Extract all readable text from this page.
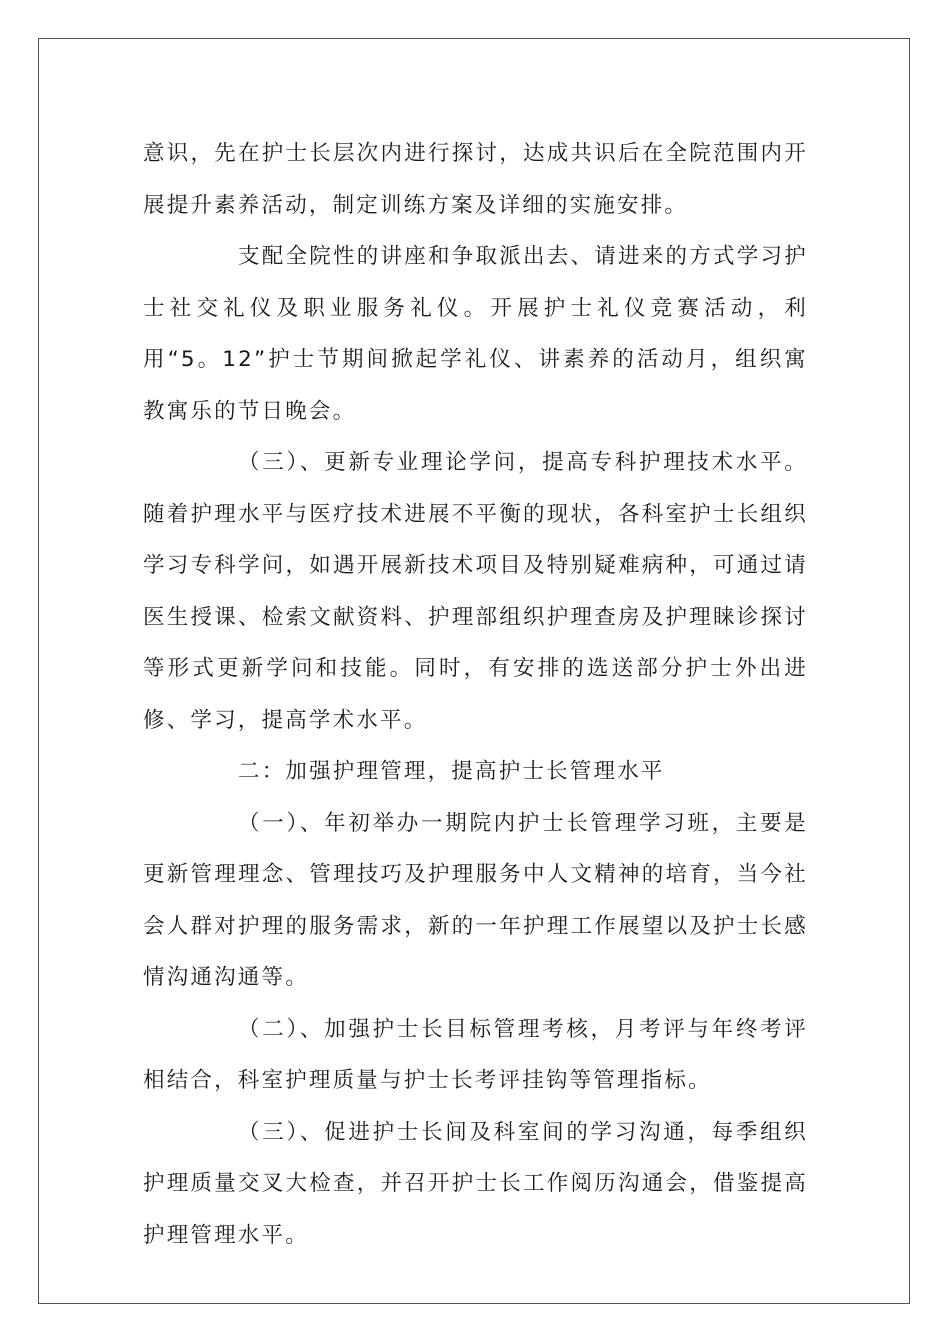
意识，先在护士长层次内进行探讨，达成共识后在全院范围内开展提升素养活动，制定训练方案及详细的实施安排。

支配全院性的讲座和争取派出去、请进来的方式学习护士社交礼仪及职业服务礼仪。开展护士礼仪竞赛活动，利用“5。12”护士节期间掀起学礼仪、讲素养的活动月，组织寓教寓乐的节日晚会。

（三）、更新专业理论学问，提高专科护理技术水平。随着护理水平与医疗技术进展不平衡的现状，各科室护士长组织学习专科学问，如遇开展新技术项目及特别疑难病种，可通过请医生授课、检索文献资料、护理部组织护理查房及护理睐诊探讨等形式更新学问和技能。同时，有安排的选送部分护士外出进修、学习，提高学术水平。

二：加强护理管理，提高护士长管理水平

（一）、年初举办一期院内护士长管理学习班，主要是更新管理理念、管理技巧及护理服务中人文精神的培育，当今社会人群对护理的服务需求，新的一年护理工作展望以及护士长感情沟通沟通等。

（二）、加强护士长目标管理考核，月考评与年终考评相结合，科室护理质量与护士长考评挂钩等管理指标。

（三）、促进护士长间及科室间的学习沟通，每季组织护理质量交叉大检查，并召开护士长工作阅历沟通会，借鉴提高护理管理水平。
